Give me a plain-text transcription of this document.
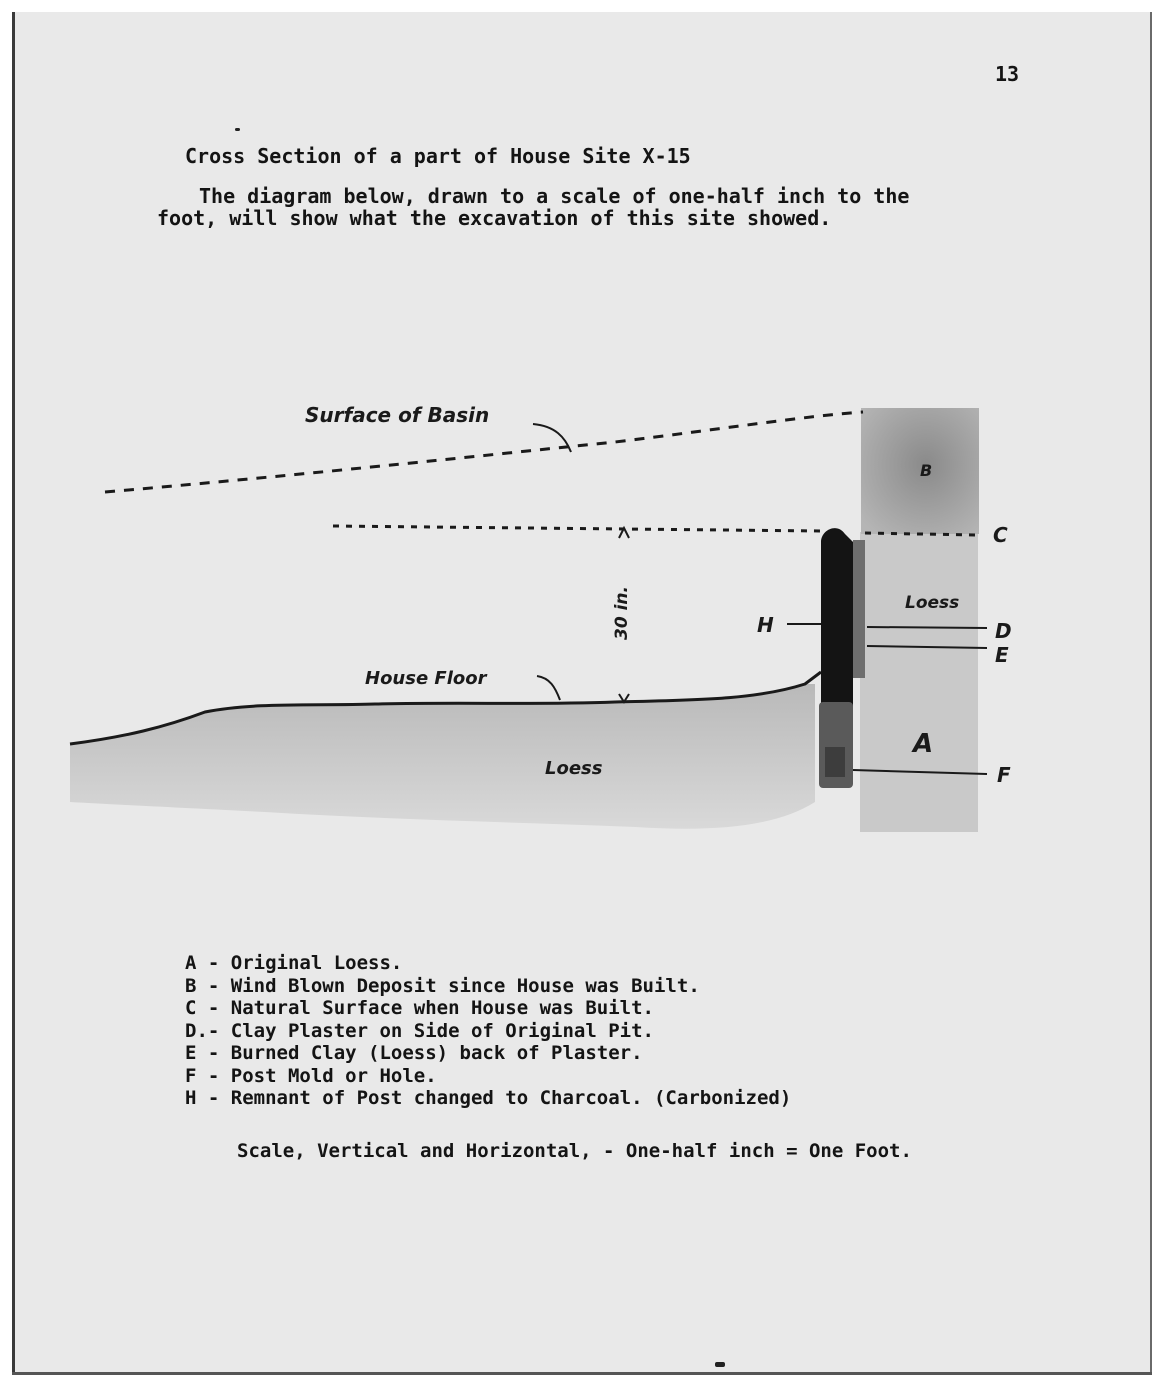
13

Cross Section of a part of House Site X-15

The diagram below, drawn to a scale of one-half inch to the

foot, will show what the excavation of this site showed.

Surface of Basin
House Floor
30 in.	Loess
Loess
A
B
C
D
E
F
H
A - Original Loess.
B - Wind Blown Deposit since House was Built.
C - Natural Surface when House was Built.
D.- Clay Plaster on Side of Original Pit.
E - Burned Clay (Loess) back of Plaster.
F - Post Mold or Hole.
H - Remnant of Post changed to Charcoal. (Carbonized)

Scale, Vertical and Horizontal, - One-half inch = One Foot.
